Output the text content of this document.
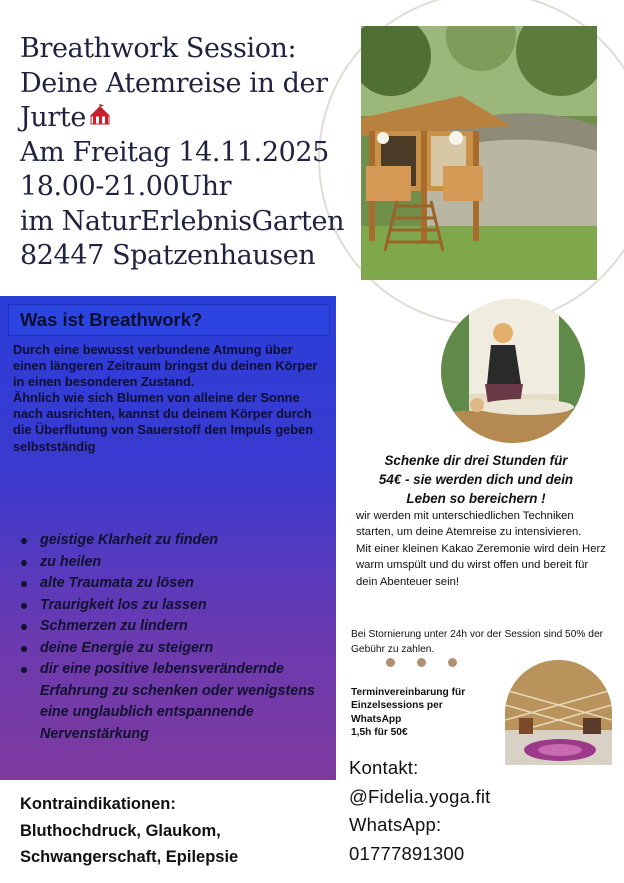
Breathwork Session:
Deine Atemreise in der
Jurte
Am Freitag 14.11.2025
18.00-21.00Uhr
im NaturErlebnisGarten
82447 Spatzenhausen
Was ist Breathwork?

Durch eine bewusst verbundene Atmung über einen längeren Zeitraum bringst du deinen Körper in einen besonderen Zustand.

Ähnlich wie sich Blumen von alleine der Sonne nach ausrichten, kannst du deinem Körper durch die Überflutung von Sauerstoff den Impuls geben selbstständig

geistige Klarheit zu finden
zu heilen
alte Traumata zu lösen
Traurigkeit los zu lassen
Schmerzen zu lindern
deine Energie zu steigern
dir eine positive lebensverändernde Erfahrung zu schenken oder wenigstens eine unglaublich entspannende Nervenstärkung
Kontraindikationen:
Bluthochdruck, Glaukom,
Schwangerschaft, Epilepsie
Schenke dir drei Stunden für
54€ - sie werden dich und dein
Leben so bereichern !

wir werden mit unterschiedlichen Techniken starten, um deine Atemreise zu intensivieren.

Mit einer kleinen Kakao Zeremonie wird dein Herz warm umspült und du wirst offen und bereit für dein Abenteuer sein!

Bei Stornierung unter 24h vor der Session sind 50% der Gebühr zu zahlen.
Terminvereinbarung für
Einzelsessions per
WhatsApp
1,5h für 50€
Kontakt:
@Fidelia.yoga.fit
WhatsApp:
01777891300
